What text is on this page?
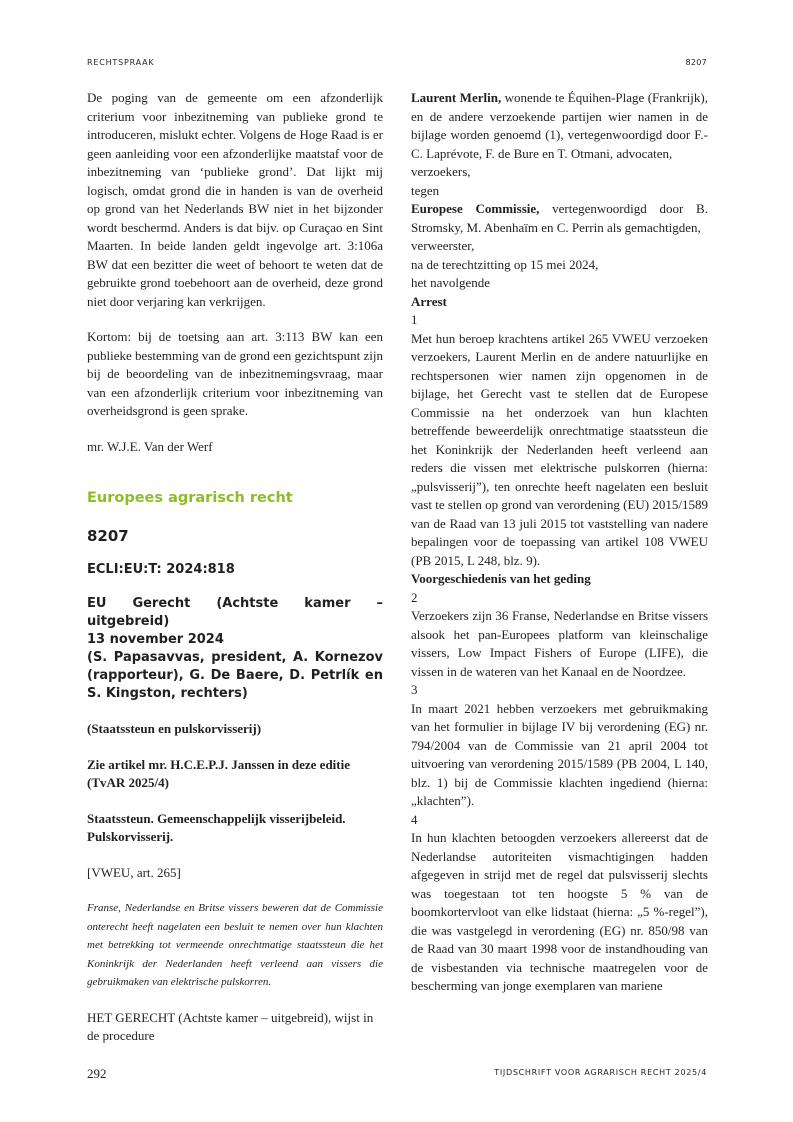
RECHTSPRAAK	8207

De poging van de gemeente om een afzonderlijk criterium voor inbezitneming van publieke grond te introduceren, mislukt echter. Volgens de Hoge Raad is er geen aanleiding voor een afzonderlijke maatstaf voor de inbezitneming van ‘publieke grond’. Dat lijkt mij logisch, omdat grond die in handen is van de overheid op grond van het Nederlands BW niet in het bijzonder wordt beschermd. Anders is dat bijv. op Curaçao en Sint Maarten. In beide landen geldt ingevolge art. 3:106a BW dat een bezitter die weet of behoort te weten dat de gebruikte grond toebehoort aan de overheid, deze grond niet door verjaring kan verkrijgen.

Kortom: bij de toetsing aan art. 3:113 BW kan een publieke bestemming van de grond een gezichtspunt zijn bij de beoordeling van de inbezitnemingsvraag, maar van een afzonderlijk criterium voor inbezitneming van overheidsgrond is geen sprake.

mr. W.J.E. Van der Werf

Europees agrarisch recht

8207

ECLI:EU:T: 2024:818

EU Gerecht (Achtste kamer – uitgebreid)
13 november 2024
(S. Papasavvas, president, A. Kornezov (rapporteur), G. De Baere, D. Petrlík en S. Kingston, rechters)

(Staatssteun en pulskorvisserij)

Zie artikel mr. H.C.E.P.J. Janssen in deze editie (TvAR 2025/4)

Staatssteun. Gemeenschappelijk visserijbeleid. Pulskorvisserij.

[VWEU, art. 265]

Franse, Nederlandse en Britse vissers beweren dat de Commissie onterecht heeft nagelaten een besluit te nemen over hun klachten met betrekking tot vermeende onrechtmatige staatssteun die het Koninkrijk der Nederlanden heeft verleend aan vissers die gebruikmaken van elektrische pulskorren.

HET GERECHT (Achtste kamer – uitgebreid), wijst in de procedure

Laurent Merlin, wonende te Équihen-Plage (Frankrijk), en de andere verzoekende partijen wier namen in de bijlage worden genoemd (1), vertegenwoordigd door F.-C. Laprévote, F. de Bure en T. Otmani, advocaten,

verzoekers,

tegen

Europese Commissie, vertegenwoordigd door B. Stromsky, M. Abenhaïm en C. Perrin als gemachtigden,

verweerster,

na de terechtzitting op 15 mei 2024,

het navolgende

Arrest

1

Met hun beroep krachtens artikel 265 VWEU verzoeken verzoekers, Laurent Merlin en de andere natuurlijke en rechtspersonen wier namen zijn opgenomen in de bijlage, het Gerecht vast te stellen dat de Europese Commissie na het onderzoek van hun klachten betreffende beweerdelijk onrechtmatige staatssteun die het Koninkrijk der Nederlanden heeft verleend aan reders die vissen met elektrische pulskorren (hierna: „pulsvisserij”), ten onrechte heeft nagelaten een besluit vast te stellen op grond van verordening (EU) 2015/1589 van de Raad van 13 juli 2015 tot vaststelling van nadere bepalingen voor de toepassing van artikel 108 VWEU (PB 2015, L 248, blz. 9).

Voorgeschiedenis van het geding

2

Verzoekers zijn 36 Franse, Nederlandse en Britse vissers alsook het pan-Europees platform van kleinschalige vissers, Low Impact Fishers of Europe (LIFE), die vissen in de wateren van het Kanaal en de Noordzee.

3

In maart 2021 hebben verzoekers met gebruikmaking van het formulier in bijlage IV bij verordening (EG) nr. 794/2004 van de Commissie van 21 april 2004 tot uitvoering van verordening 2015/1589 (PB 2004, L 140, blz. 1) bij de Commissie klachten ingediend (hierna: „klachten”).

4

In hun klachten betoogden verzoekers allereerst dat de Nederlandse autoriteiten vismachtigingen hadden afgegeven in strijd met de regel dat pulsvisserij slechts was toegestaan tot ten hoogste 5 % van de boomkortervloot van elke lidstaat (hierna: „5 %-regel”), die was vastgelegd in verordening (EG) nr. 850/98 van de Raad van 30 maart 1998 voor de instandhouding van de visbestanden via technische maatregelen voor de bescherming van jonge exemplaren van mariene

292	TIJDSCHRIFT VOOR AGRARISCH RECHT 2025/4
